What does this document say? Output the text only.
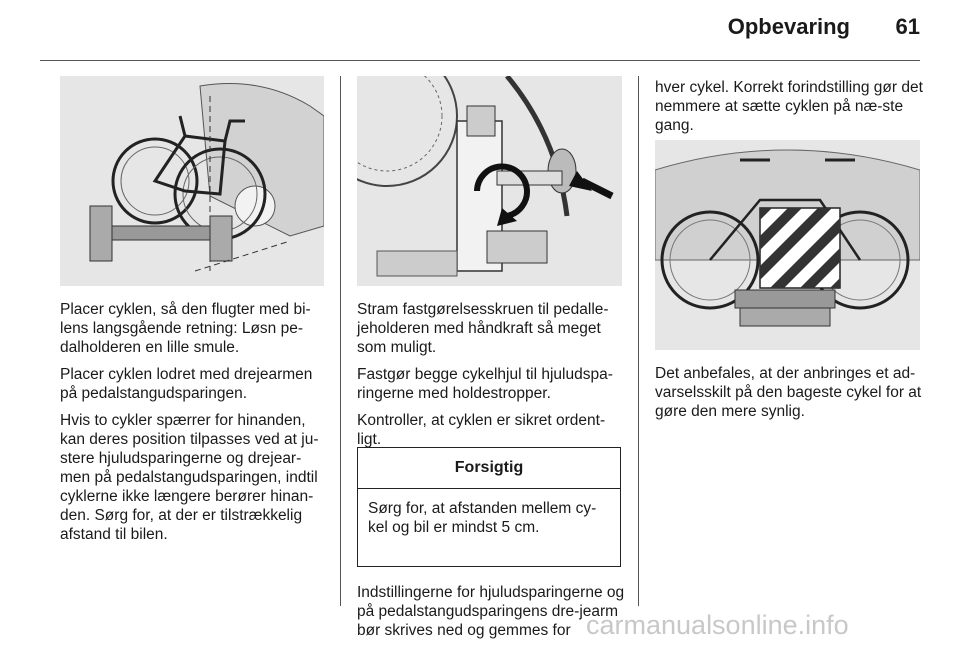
Opbevaring	61

Placer cyklen, så den flugter med bi-lens langsgående retning: Løsn pe-dalholderen en lille smule.

Placer cyklen lodret med drejearmen på pedalstangudsparingen.

Hvis to cykler spærrer for hinanden, kan deres position tilpasses ved at ju-stere hjuludsparingerne og drejear-men på pedalstangudsparingen, indtil cyklerne ikke længere berører hinan-den. Sørg for, at der er tilstrækkelig afstand til bilen.

Stram fastgørelsesskruen til pedalle-jeholderen med håndkraft så meget som muligt.

Fastgør begge cykelhjul til hjuludspa-ringerne med holdestropper.

Kontroller, at cyklen er sikret ordent-ligt.

Forsigtig
Sørg for, at afstanden mellem cy-kel og bil er mindst 5 cm.

Indstillingerne for hjuludsparingerne og på pedalstangudsparingens dre-jearm bør skrives ned og gemmes for

hver cykel. Korrekt forindstilling gør det nemmere at sætte cyklen på næ-ste gang.

Det anbefales, at der anbringes et ad-varselsskilt på den bageste cykel for at gøre den mere synlig.

carmanualsonline.info
